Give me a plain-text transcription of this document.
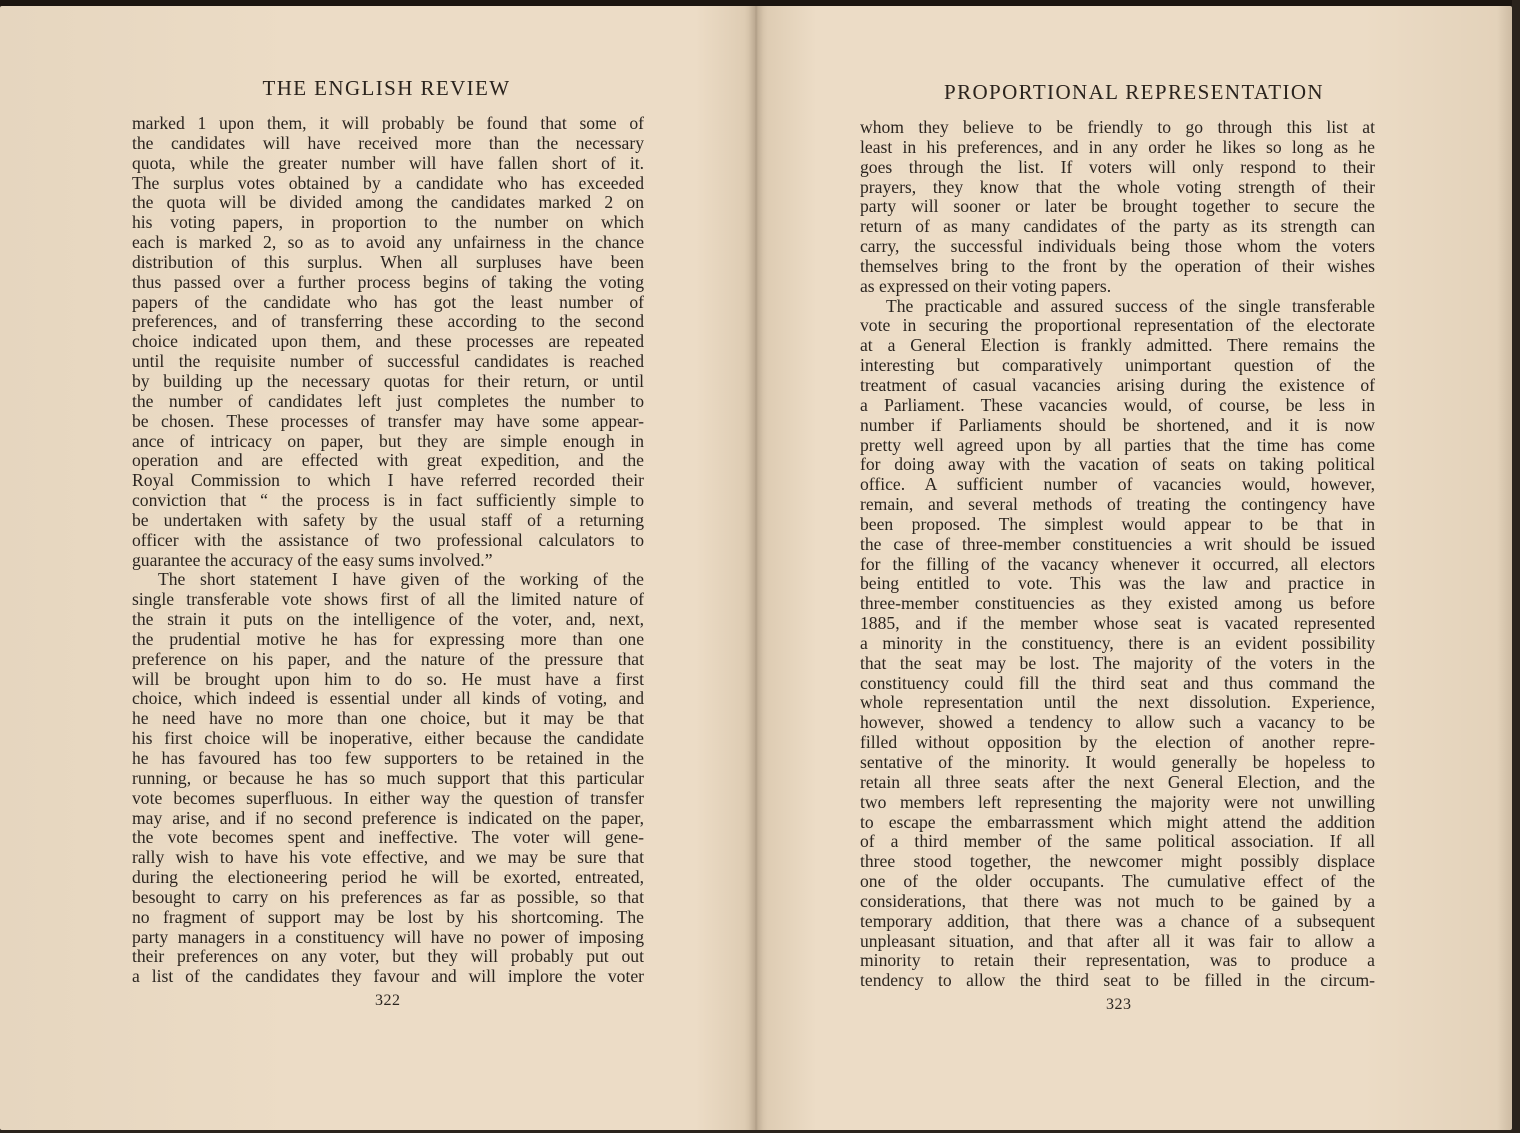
THE ENGLISH REVIEW
marked 1 upon them, it will probably be found that some of
the candidates will have received more than the necessary
quota, while the greater number will have fallen short of it.
The surplus votes obtained by a candidate who has exceeded
the quota will be divided among the candidates marked 2 on
his voting papers, in proportion to the number on which
each is marked 2, so as to avoid any unfairness in the chance
distribution of this surplus. When all surpluses have been
thus passed over a further process begins of taking the voting
papers of the candidate who has got the least number of
preferences, and of transferring these according to the second
choice indicated upon them, and these processes are repeated
until the requisite number of successful candidates is reached
by building up the necessary quotas for their return, or until
the number of candidates left just completes the number to
be chosen. These processes of transfer may have some appear-
ance of intricacy on paper, but they are simple enough in
operation and are effected with great expedition, and the
Royal Commission to which I have referred recorded their
conviction that “ the process is in fact sufficiently simple to
be undertaken with safety by the usual staff of a returning
officer with the assistance of two professional calculators to
guarantee the accuracy of the easy sums involved.”
The short statement I have given of the working of the
single transferable vote shows first of all the limited nature of
the strain it puts on the intelligence of the voter, and, next,
the prudential motive he has for expressing more than one
preference on his paper, and the nature of the pressure that
will be brought upon him to do so. He must have a first
choice, which indeed is essential under all kinds of voting, and
he need have no more than one choice, but it may be that
his first choice will be inoperative, either because the candidate
he has favoured has too few supporters to be retained in the
running, or because he has so much support that this particular
vote becomes superfluous. In either way the question of transfer
may arise, and if no second preference is indicated on the paper,
the vote becomes spent and ineffective. The voter will gene-
rally wish to have his vote effective, and we may be sure that
during the electioneering period he will be exorted, entreated,
besought to carry on his preferences as far as possible, so that
no fragment of support may be lost by his shortcoming. The
party managers in a constituency will have no power of imposing
their preferences on any voter, but they will probably put out
a list of the candidates they favour and will implore the voter
322
PROPORTIONAL REPRESENTATION
whom they believe to be friendly to go through this list at
least in his preferences, and in any order he likes so long as he
goes through the list. If voters will only respond to their
prayers, they know that the whole voting strength of their
party will sooner or later be brought together to secure the
return of as many candidates of the party as its strength can
carry, the successful individuals being those whom the voters
themselves bring to the front by the operation of their wishes
as expressed on their voting papers.
The practicable and assured success of the single transferable
vote in securing the proportional representation of the electorate
at a General Election is frankly admitted. There remains the
interesting but comparatively unimportant question of the
treatment of casual vacancies arising during the existence of
a Parliament. These vacancies would, of course, be less in
number if Parliaments should be shortened, and it is now
pretty well agreed upon by all parties that the time has come
for doing away with the vacation of seats on taking political
office. A sufficient number of vacancies would, however,
remain, and several methods of treating the contingency have
been proposed. The simplest would appear to be that in
the case of three-member constituencies a writ should be issued
for the filling of the vacancy whenever it occurred, all electors
being entitled to vote. This was the law and practice in
three-member constituencies as they existed among us before
1885, and if the member whose seat is vacated represented
a minority in the constituency, there is an evident possibility
that the seat may be lost. The majority of the voters in the
constituency could fill the third seat and thus command the
whole representation until the next dissolution. Experience,
however, showed a tendency to allow such a vacancy to be
filled without opposition by the election of another repre-
sentative of the minority. It would generally be hopeless to
retain all three seats after the next General Election, and the
two members left representing the majority were not unwilling
to escape the embarrassment which might attend the addition
of a third member of the same political association. If all
three stood together, the newcomer might possibly displace
one of the older occupants. The cumulative effect of the
considerations, that there was not much to be gained by a
temporary addition, that there was a chance of a subsequent
unpleasant situation, and that after all it was fair to allow a
minority to retain their representation, was to produce a
tendency to allow the third seat to be filled in the circum-
323
